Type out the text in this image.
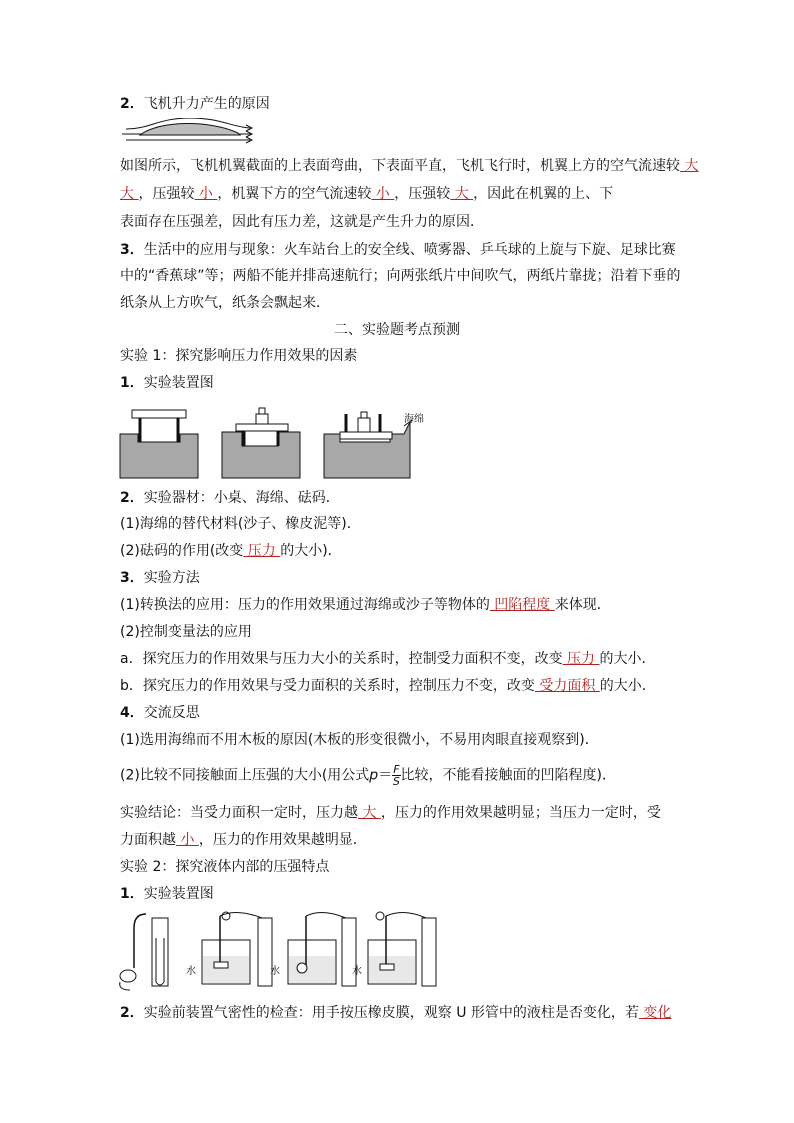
2．飞机升力产生的原因
如图所示，飞机机翼截面的上表面弯曲，下表面平直，飞机飞行时，机翼上方的空气流速较 大
大 ，压强较 小 ，机翼下方的空气流速较 小 ，压强较 大 ，因此在机翼的上、下
表面存在压强差，因此有压力差，这就是产生升力的原因．
3．生活中的应用与现象：火车站台上的安全线、喷雾器、乒乓球的上旋与下旋、足球比赛
中的“香蕉球”等；两船不能并排高速航行；向两张纸片中间吹气，两纸片靠拢；沿着下垂的
纸条从上方吹气，纸条会飘起来．
二、实验题考点预测
实验 1：探究影响压力作用效果的因素
1．实验装置图
海绵
2．实验器材：小桌、海绵、砝码．
(1)海绵的替代材料(沙子、橡皮泥等)．
(2)砝码的作用(改变 压力 的大小)．
3．实验方法
(1)转换法的应用：压力的作用效果通过海绵或沙子等物体的 凹陷程度 来体现．
(2)控制变量法的应用
a．探究压力的作用效果与压力大小的关系时，控制受力面积不变，改变 压力 的大小．
b．探究压力的作用效果与受力面积的关系时，控制压力不变，改变 受力面积 的大小．
4．交流反思
(1)选用海绵而不用木板的原因(木板的形变很微小，不易用肉眼直接观察到)．
(2)比较不同接触面上压强的大小(用公式$p= \frac{F}{S}$ 比较，不能看接触面的凹陷程度)．
实验结论：当受力面积一定时，压力越 大 ，压力的作用效果越明显；当压力一定时，受
力面积越 小 ，压力的作用效果越明显．
实验 2：探究液体内部的压强特点
1．实验装置图
水	水	水
2．实验前装置气密性的检查：用手按压橡皮膜，观察 U 形管中的液柱是否变化，若 变化
